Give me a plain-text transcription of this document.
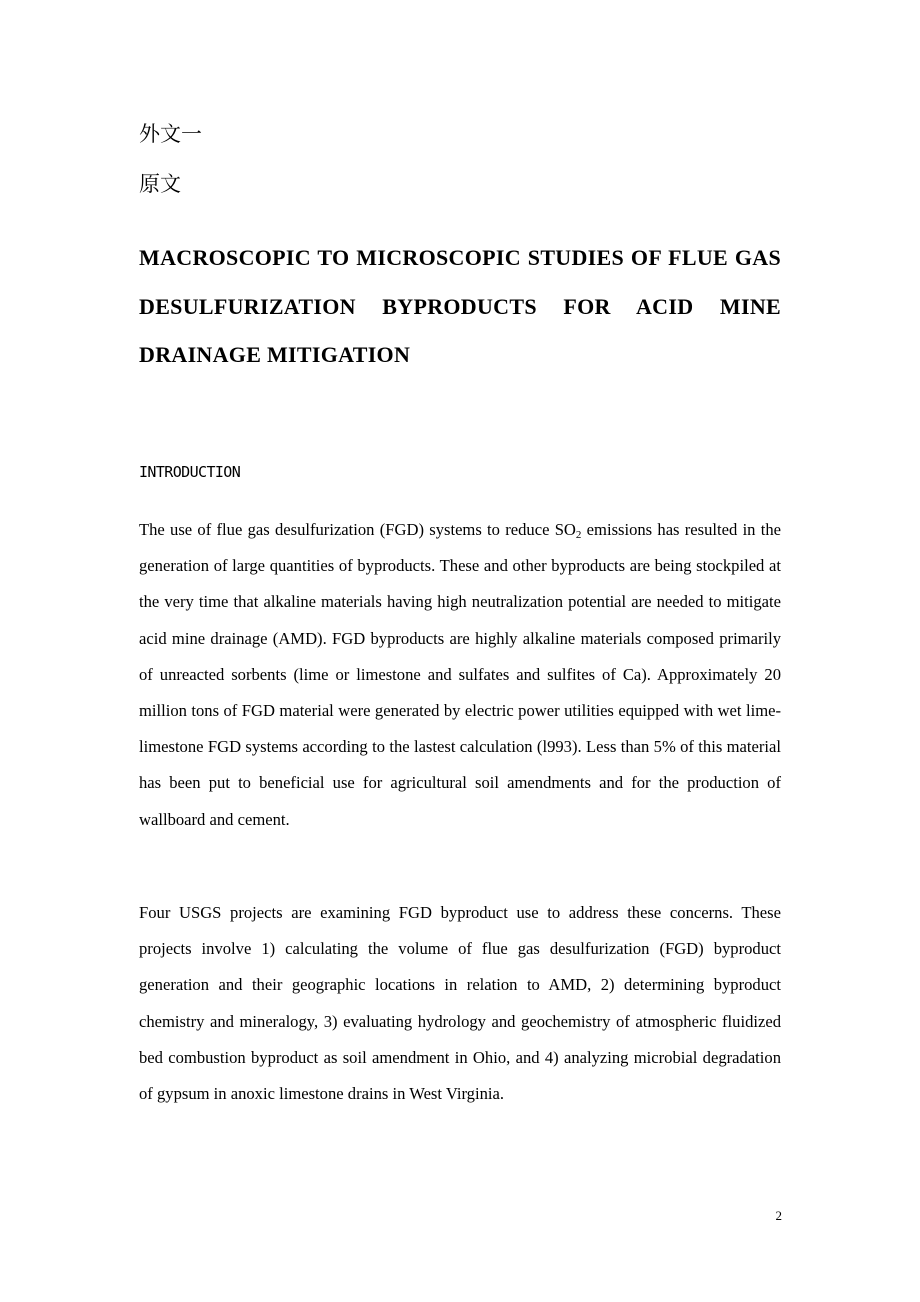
外文一
原文
MACROSCOPIC TO MICROSCOPIC STUDIES OF FLUE GAS DESULFURIZATION BYPRODUCTS FOR ACID MINE DRAINAGE MITIGATION
INTRODUCTION

The use of flue gas desulfurization (FGD) systems to reduce $SO_2$ emissions has resulted in the generation of large quantities of byproducts. These and other byproducts are being stockpiled at the very time that alkaline materials having high neutralization potential are needed to mitigate acid mine drainage (AMD). FGD byproducts are highly alkaline materials composed primarily of unreacted sorbents (lime or limestone and sulfates and sulfites of Ca). Approximately 20 million tons of FGD material were generated by electric power utilities equipped with wet lime-limestone FGD systems according to the lastest calculation (l993). Less than 5% of this material has been put to beneficial use for agricultural soil amendments and for the production of wallboard and cement.

Four USGS projects are examining FGD byproduct use to address these concerns. These projects involve 1) calculating the volume of flue gas desulfurization (FGD) byproduct generation and their geographic locations in relation to AMD, 2) determining byproduct chemistry and mineralogy, 3) evaluating hydrology and geochemistry of atmospheric fluidized bed combustion byproduct as soil amendment in Ohio, and 4) analyzing microbial degradation of gypsum in anoxic limestone drains in West Virginia.

2
